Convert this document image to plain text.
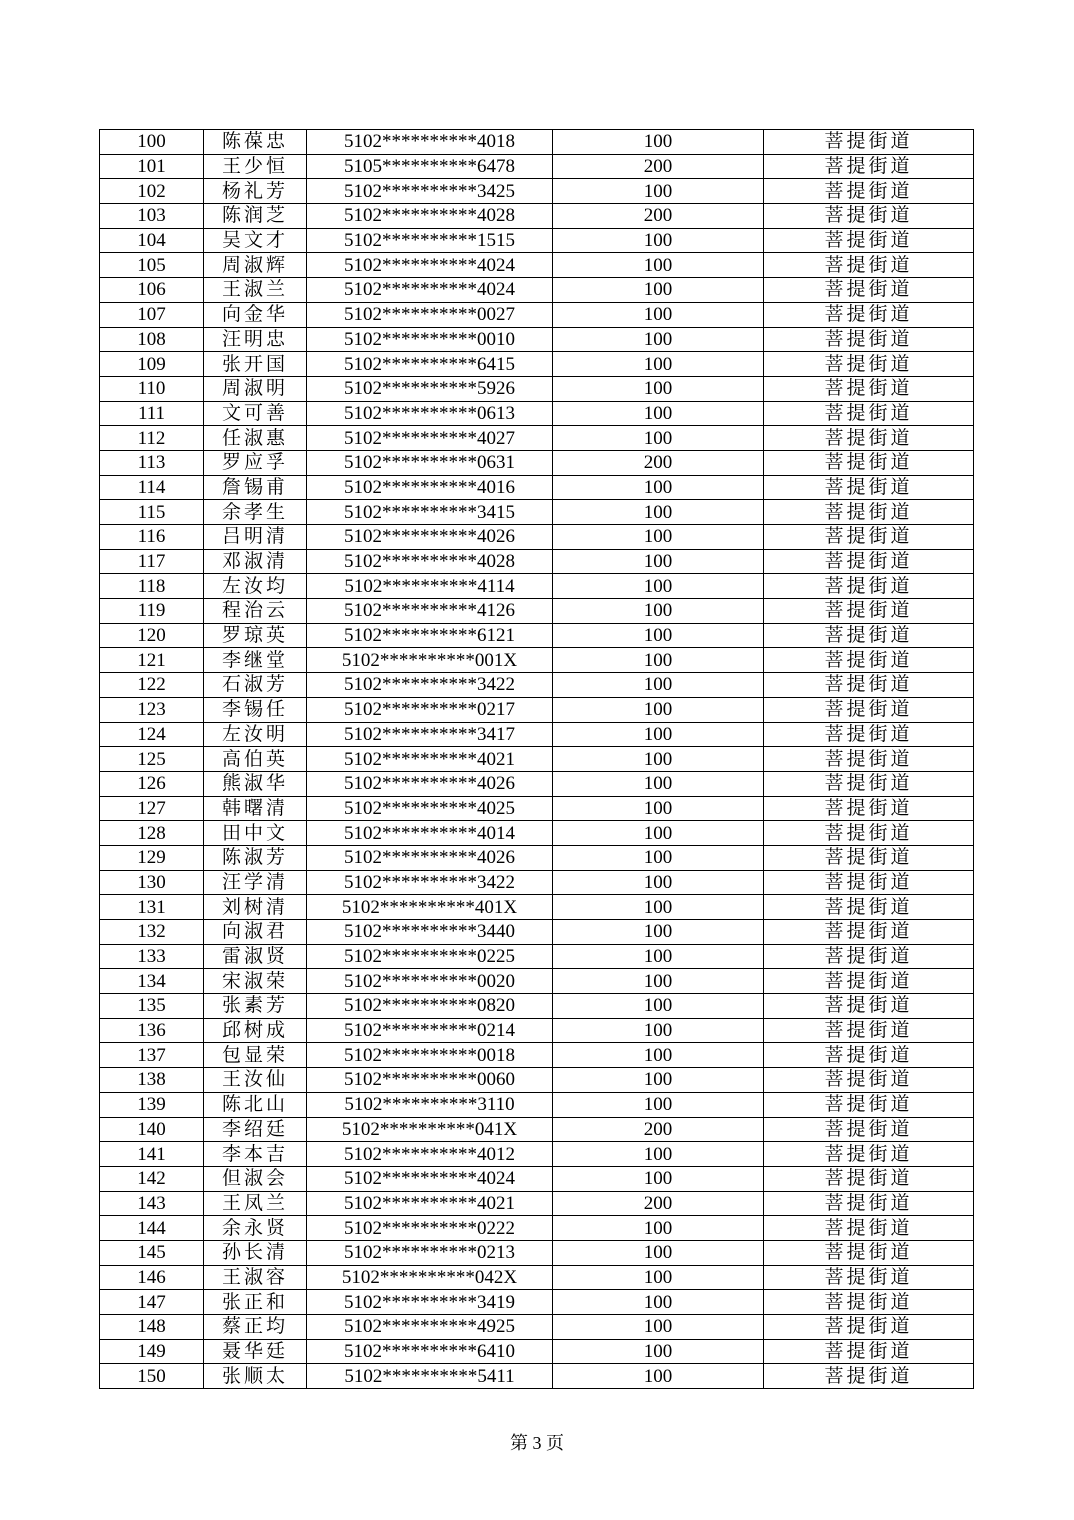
100	陈葆忠	5102**********4018	100	菩提街道
101	王少恒	5105**********6478	200	菩提街道
102	杨礼芳	5102**********3425	100	菩提街道
103	陈润芝	5102**********4028	200	菩提街道
104	吴文才	5102**********1515	100	菩提街道
105	周淑辉	5102**********4024	100	菩提街道
106	王淑兰	5102**********4024	100	菩提街道
107	向金华	5102**********0027	100	菩提街道
108	汪明忠	5102**********0010	100	菩提街道
109	张开国	5102**********6415	100	菩提街道
110	周淑明	5102**********5926	100	菩提街道
111	文可善	5102**********0613	100	菩提街道
112	任淑惠	5102**********4027	100	菩提街道
113	罗应孚	5102**********0631	200	菩提街道
114	詹锡甫	5102**********4016	100	菩提街道
115	余孝生	5102**********3415	100	菩提街道
116	吕明清	5102**********4026	100	菩提街道
117	邓淑清	5102**********4028	100	菩提街道
118	左汝均	5102**********4114	100	菩提街道
119	程治云	5102**********4126	100	菩提街道
120	罗琼英	5102**********6121	100	菩提街道
121	李继堂	5102**********001X	100	菩提街道
122	石淑芳	5102**********3422	100	菩提街道
123	李锡任	5102**********0217	100	菩提街道
124	左汝明	5102**********3417	100	菩提街道
125	高伯英	5102**********4021	100	菩提街道
126	熊淑华	5102**********4026	100	菩提街道
127	韩曙清	5102**********4025	100	菩提街道
128	田中文	5102**********4014	100	菩提街道
129	陈淑芳	5102**********4026	100	菩提街道
130	汪学清	5102**********3422	100	菩提街道
131	刘树清	5102**********401X	100	菩提街道
132	向淑君	5102**********3440	100	菩提街道
133	雷淑贤	5102**********0225	100	菩提街道
134	宋淑荣	5102**********0020	100	菩提街道
135	张素芳	5102**********0820	100	菩提街道
136	邱树成	5102**********0214	100	菩提街道
137	包显荣	5102**********0018	100	菩提街道
138	王汝仙	5102**********0060	100	菩提街道
139	陈北山	5102**********3110	100	菩提街道
140	李绍廷	5102**********041X	200	菩提街道
141	李本吉	5102**********4012	100	菩提街道
142	但淑会	5102**********4024	100	菩提街道
143	王凤兰	5102**********4021	200	菩提街道
144	余永贤	5102**********0222	100	菩提街道
145	孙长清	5102**********0213	100	菩提街道
146	王淑容	5102**********042X	100	菩提街道
147	张正和	5102**********3419	100	菩提街道
148	蔡正均	5102**********4925	100	菩提街道
149	聂华廷	5102**********6410	100	菩提街道
150	张顺太	5102**********5411	100	菩提街道
第 3 页
